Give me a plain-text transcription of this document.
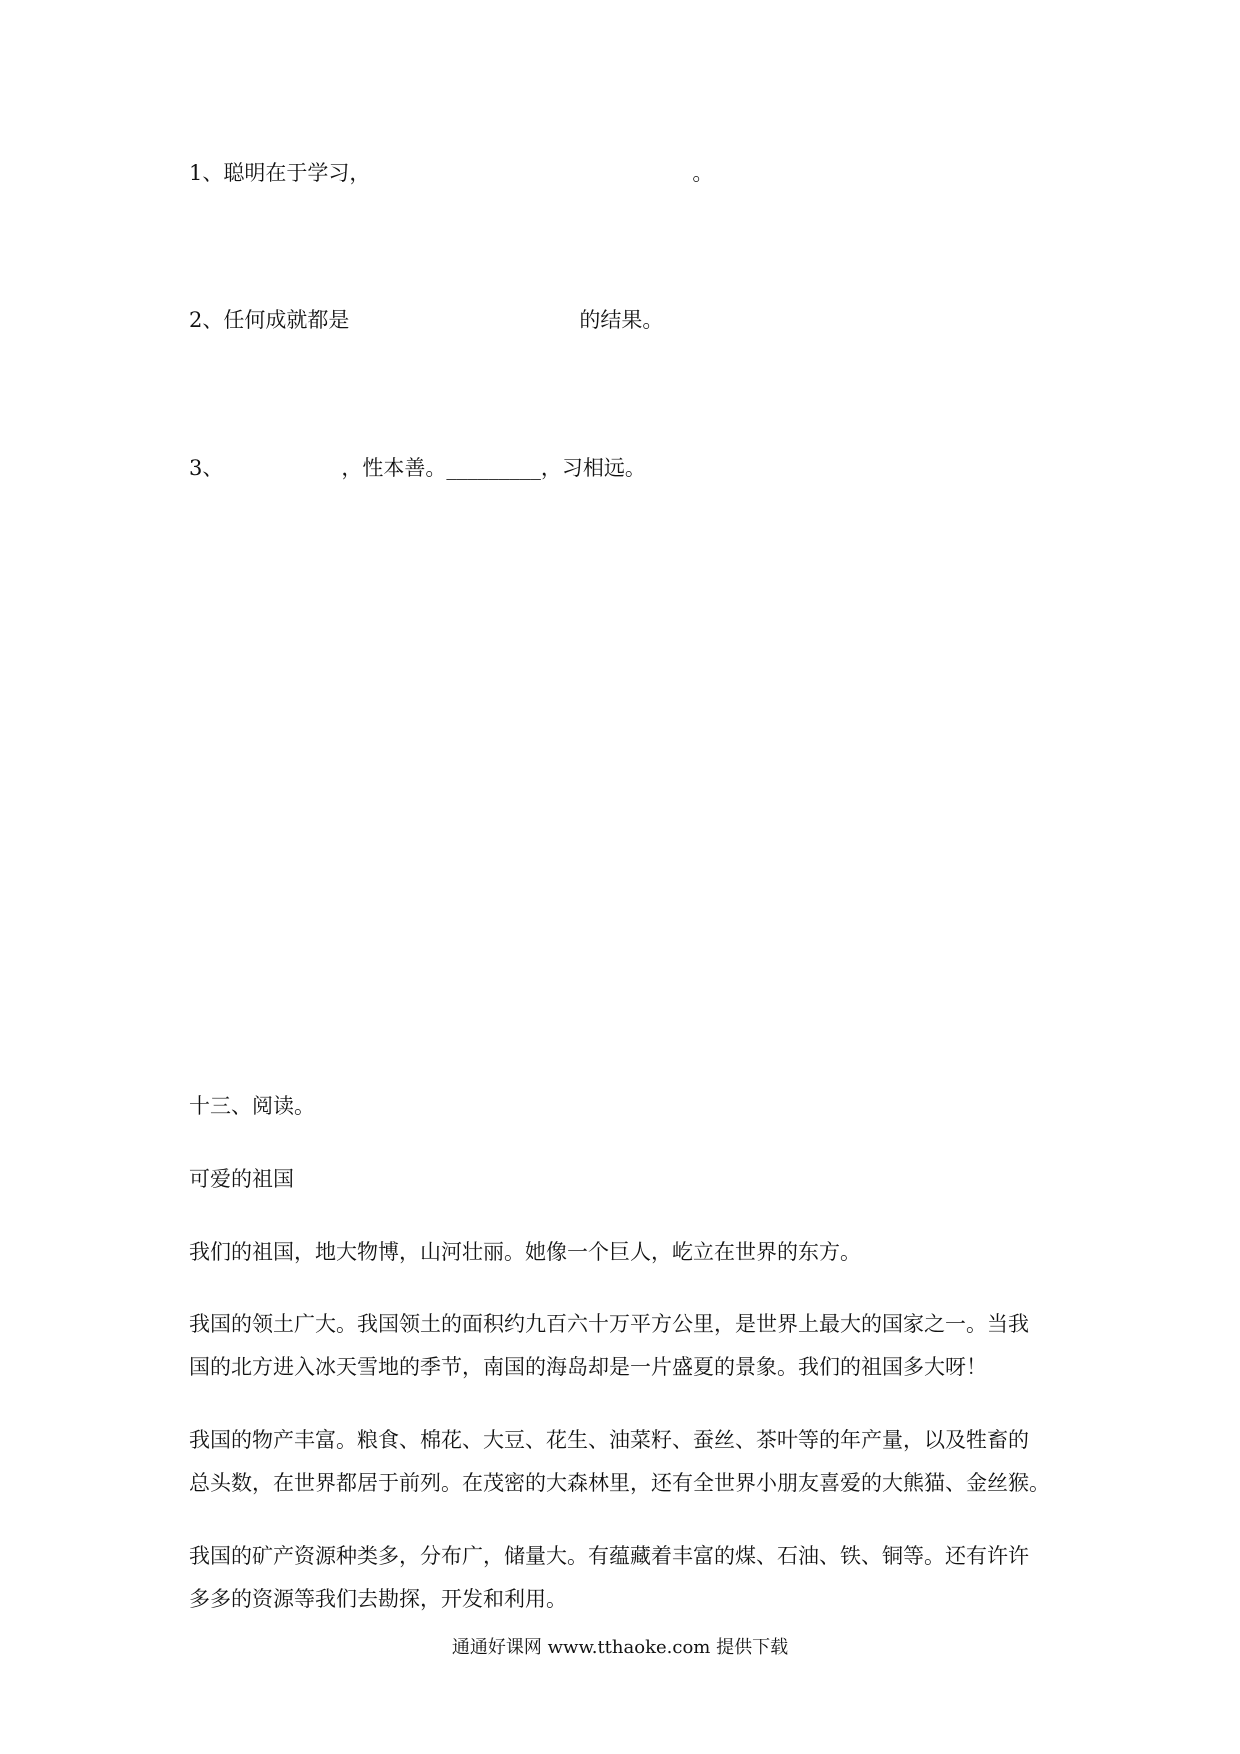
1、聪明在于学习，	。
2、任何成就都是	的结果。
3、	，性本善。_________，习相远。
十三、阅读。
可爱的祖国
我们的祖国，地大物博，山河壮丽。她像一个巨人，屹立在世界的东方。
我国的领土广大。我国领土的面积约九百六十万平方公里，是世界上最大的国家之一。当我
国的北方进入冰天雪地的季节，南国的海岛却是一片盛夏的景象。我们的祖国多大呀！
我国的物产丰富。粮食、棉花、大豆、花生、油菜籽、蚕丝、茶叶等的年产量，以及牲畜的
总头数，在世界都居于前列。在茂密的大森林里，还有全世界小朋友喜爱的大熊猫、金丝猴。
我国的矿产资源种类多，分布广，储量大。有蕴藏着丰富的煤、石油、铁、铜等。还有许许
多多的资源等我们去勘探，开发和利用。
通通好课网 www.tthaoke.com 提供下载
